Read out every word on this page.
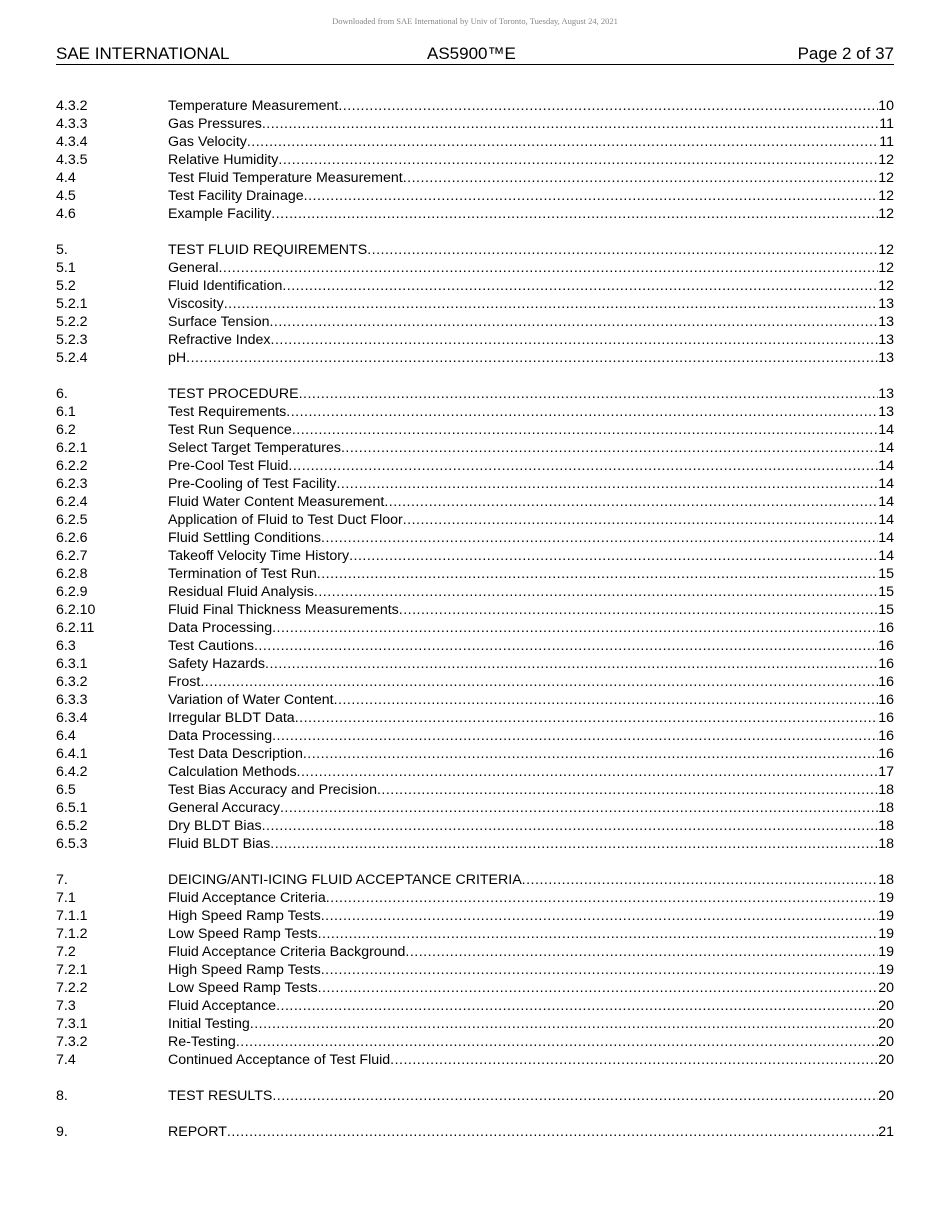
Downloaded from SAE International by Univ of Toronto, Tuesday, August 24, 2021
SAE INTERNATIONAL	AS5900™E	Page 2 of 37
4.3.2	Temperature Measurement .....	10
4.3.3	Gas Pressures .....	11
4.3.4	Gas Velocity .....	11
4.3.5	Relative Humidity .....	12
4.4	Test Fluid Temperature Measurement .....	12
4.5	Test Facility Drainage .....	12
4.6	Example Facility .....	12
5.	TEST FLUID REQUIREMENTS .....	12
5.1	General .....	12
5.2	Fluid Identification .....	12
5.2.1	Viscosity .....	13
5.2.2	Surface Tension .....	13
5.2.3	Refractive Index .....	13
5.2.4	pH .....	13
6.	TEST PROCEDURE .....	13
6.1	Test Requirements .....	13
6.2	Test Run Sequence .....	14
6.2.1	Select Target Temperatures .....	14
6.2.2	Pre-Cool Test Fluid .....	14
6.2.3	Pre-Cooling of Test Facility .....	14
6.2.4	Fluid Water Content Measurement .....	14
6.2.5	Application of Fluid to Test Duct Floor .....	14
6.2.6	Fluid Settling Conditions .....	14
6.2.7	Takeoff Velocity Time History .....	14
6.2.8	Termination of Test Run .....	15
6.2.9	Residual Fluid Analysis .....	15
6.2.10	Fluid Final Thickness Measurements .....	15
6.2.11	Data Processing .....	16
6.3	Test Cautions .....	16
6.3.1	Safety Hazards .....	16
6.3.2	Frost .....	16
6.3.3	Variation of Water Content .....	16
6.3.4	Irregular BLDT Data .....	16
6.4	Data Processing .....	16
6.4.1	Test Data Description .....	16
6.4.2	Calculation Methods .....	17
6.5	Test Bias Accuracy and Precision .....	18
6.5.1	General Accuracy .....	18
6.5.2	Dry BLDT Bias .....	18
6.5.3	Fluid BLDT Bias .....	18
7.	DEICING/ANTI-ICING FLUID ACCEPTANCE CRITERIA .....	18
7.1	Fluid Acceptance Criteria .....	19
7.1.1	High Speed Ramp Tests .....	19
7.1.2	Low Speed Ramp Tests .....	19
7.2	Fluid Acceptance Criteria Background .....	19
7.2.1	High Speed Ramp Tests .....	19
7.2.2	Low Speed Ramp Tests .....	20
7.3	Fluid Acceptance .....	20
7.3.1	Initial Testing .....	20
7.3.2	Re-Testing .....	20
7.4	Continued Acceptance of Test Fluid .....	20
8.	TEST RESULTS .....	20
9.	REPORT .....	21
